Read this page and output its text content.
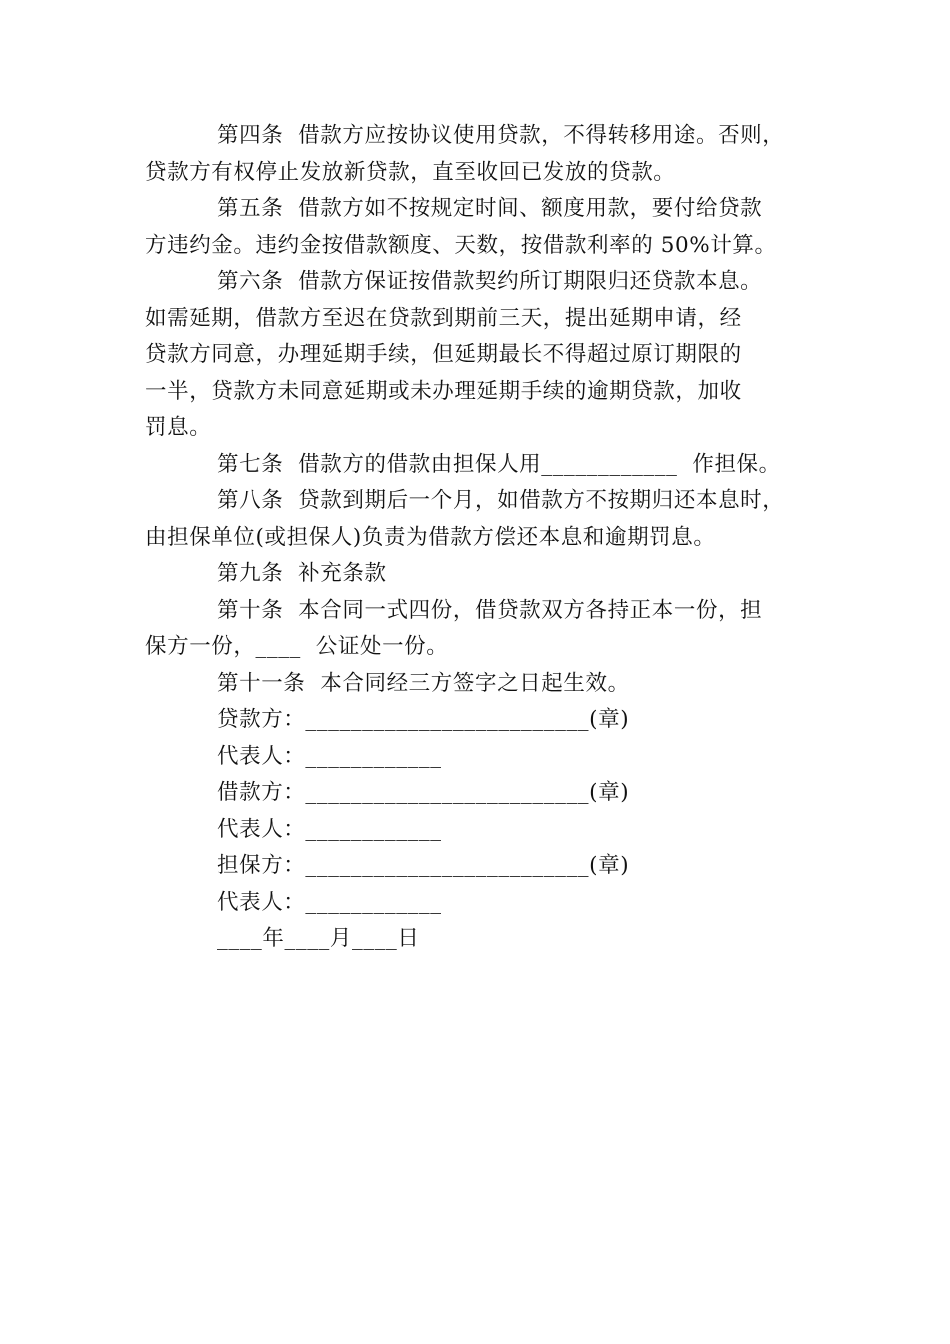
第四条  借款方应按协议使用贷款，不得转移用途。否则，
贷款方有权停止发放新贷款，直至收回已发放的贷款。
第五条  借款方如不按规定时间、额度用款，要付给贷款
方违约金。违约金按借款额度、天数，按借款利率的 50%计算。
第六条  借款方保证按借款契约所订期限归还贷款本息。
如需延期，借款方至迟在贷款到期前三天，提出延期申请，经
贷款方同意，办理延期手续，但延期最长不得超过原订期限的
一半，贷款方未同意延期或未办理延期手续的逾期贷款，加收
罚息。
第七条  借款方的借款由担保人用____________  作担保。
第八条  贷款到期后一个月，如借款方不按期归还本息时，
由担保单位(或担保人)负责为借款方偿还本息和逾期罚息。
第九条  补充条款
第十条  本合同一式四份，借贷款双方各持正本一份，担
保方一份，____  公证处一份。
第十一条  本合同经三方签字之日起生效。
贷款方：_________________________(章)
代表人：____________
借款方：_________________________(章)
代表人：____________
担保方：_________________________(章)
代表人：____________
____年____月____日
